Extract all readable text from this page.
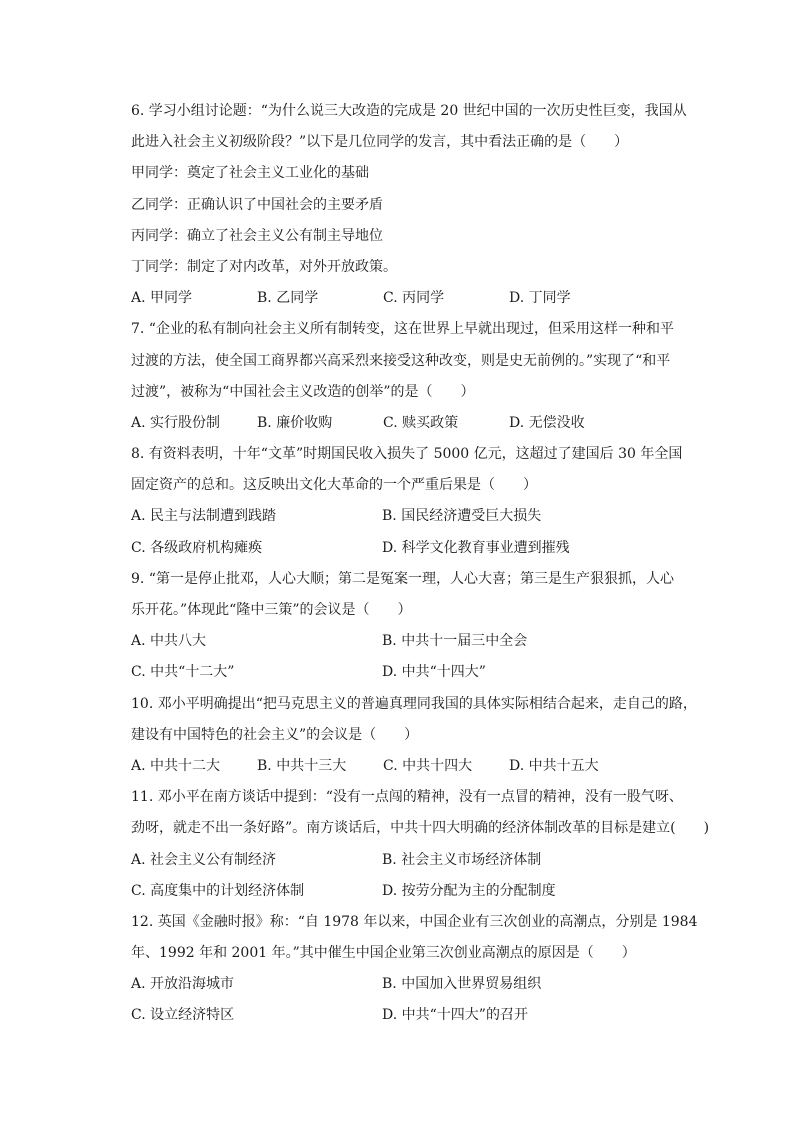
6. 学习小组讨论题：“为什么说三大改造的完成是 20 世纪中国的一次历史性巨变，我国从
此进入社会主义初级阶段？”以下是几位同学的发言，其中看法正确的是（　　）
甲同学：奠定了社会主义工业化的基础
乙同学：正确认识了中国社会的主要矛盾
丙同学：确立了社会主义公有制主导地位
丁同学：制定了对内改革，对外开放政策。
A. 甲同学	B. 乙同学	C. 丙同学	D. 丁同学
7. “企业的私有制向社会主义所有制转变，这在世界上早就出现过，但采用这样一种和平
过渡的方法，使全国工商界都兴高采烈来接受这种改变，则是史无前例的。”实现了“和平
过渡”，被称为“中国社会主义改造的创举”的是（　　）
A. 实行股份制	B. 廉价收购	C. 赎买政策	D. 无偿没收
8. 有资料表明，十年“文革”时期国民收入损失了 5000 亿元，这超过了建国后 30 年全国
固定资产的总和。这反映出文化大革命的一个严重后果是（　　）
A. 民主与法制遭到践踏	B. 国民经济遭受巨大损失
C. 各级政府机构瘫痪	D. 科学文化教育事业遭到摧残
9. “第一是停止批邓，人心大顺；第二是冤案一理，人心大喜；第三是生产狠狠抓，人心
乐开花。”体现此“隆中三策”的会议是（　　）
A. 中共八大	B. 中共十一届三中全会
C. 中共“十二大”	D. 中共“十四大”
10. 邓小平明确提出“把马克思主义的普遍真理同我国的具体实际相结合起来，走自己的路，
建设有中国特色的社会主义”的会议是（　　）
A. 中共十二大	B. 中共十三大	C. 中共十四大	D. 中共十五大
11. 邓小平在南方谈话中提到：“没有一点闯的精神，没有一点冒的精神，没有一股气呀、
劲呀，就走不出一条好路”。南方谈话后，中共十四大明确的经济体制改革的目标是建立(　　)
A. 社会主义公有制经济	B. 社会主义市场经济体制
C. 高度集中的计划经济体制	D. 按劳分配为主的分配制度
12. 英国《金融时报》称：“自 1978 年以来，中国企业有三次创业的高潮点，分别是 1984
年、1992 年和 2001 年。”其中催生中国企业第三次创业高潮点的原因是（　　）
A. 开放沿海城市	B. 中国加入世界贸易组织
C. 设立经济特区	D. 中共“十四大”的召开
